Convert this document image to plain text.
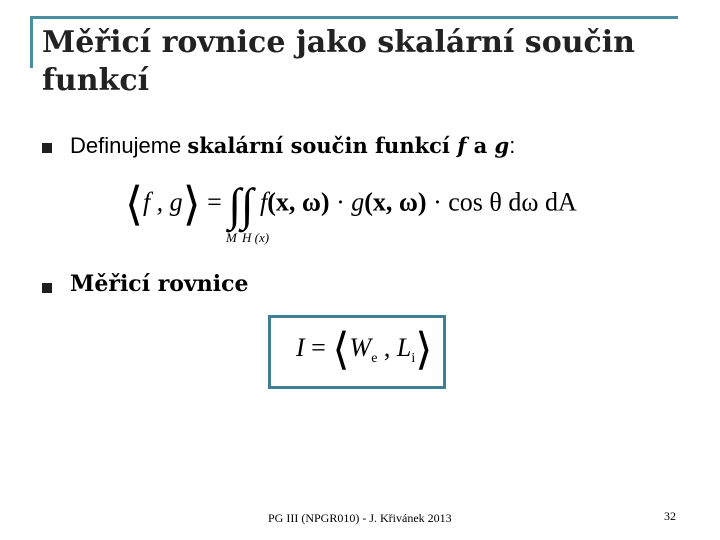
Měřicí rovnice jako skalární součin funkcí
Definujeme skalární součin funkcí f a g:
⟨f , g⟩ = ∫∫ f(x, ω) · g(x, ω) · cos θ dω dA
M H (x)
Měřicí rovnice
$I = ⟨W_e$ , $L_i⟩$
PG III (NPGR010) - J. Křivánek 2013	32
